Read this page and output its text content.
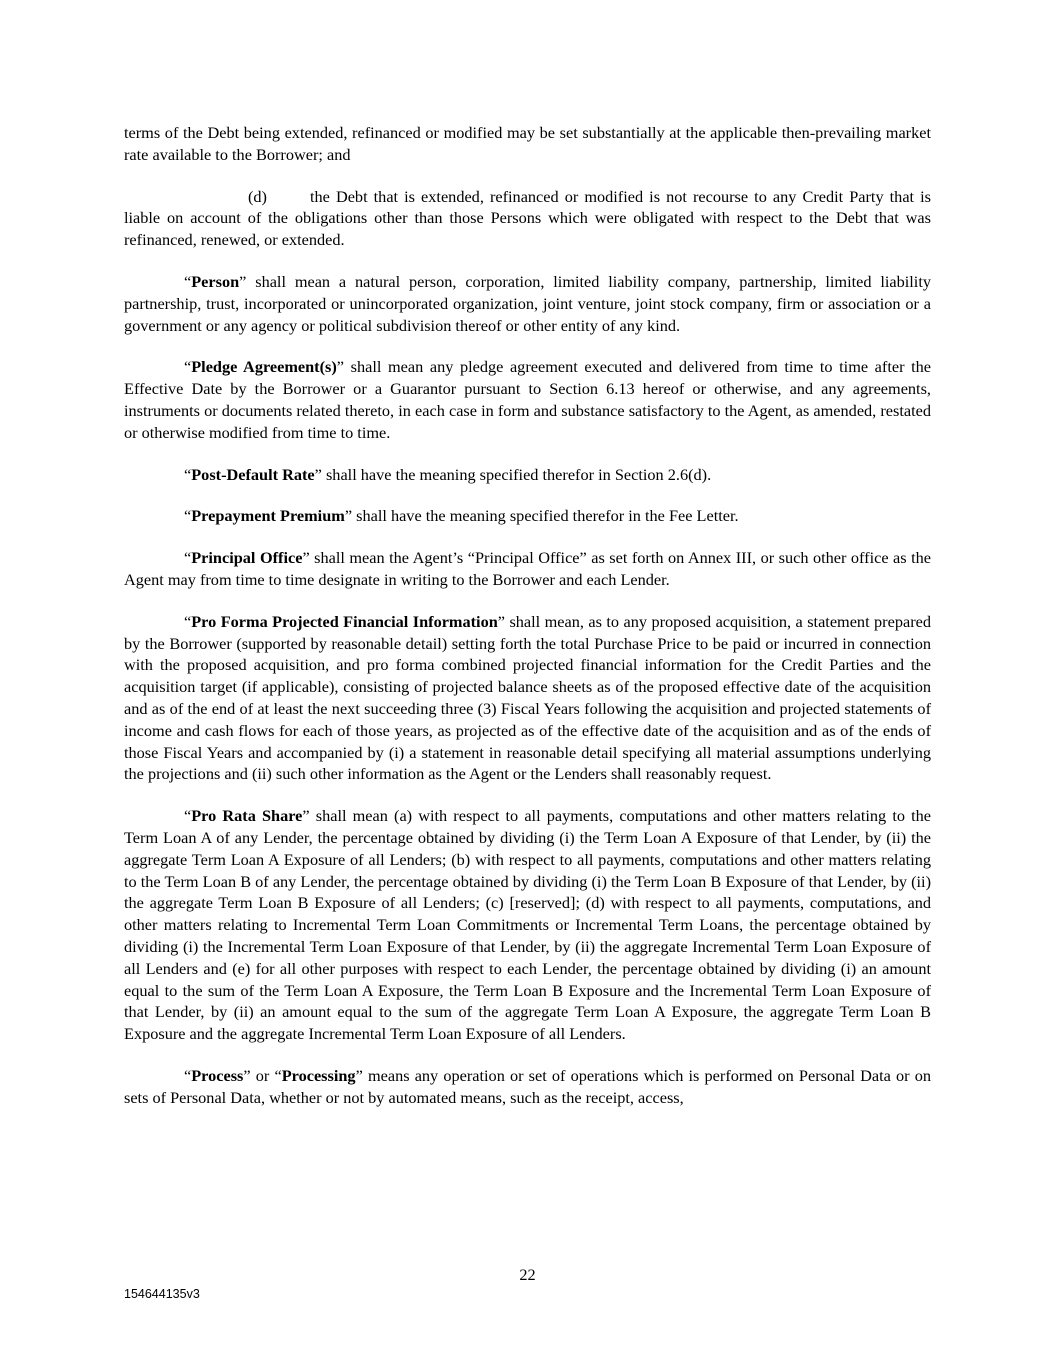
terms of the Debt being extended, refinanced or modified may be set substantially at the applicable then-prevailing market rate available to the Borrower; and

(d)	the Debt that is extended, refinanced or modified is not recourse to any Credit Party that is liable on account of the obligations other than those Persons which were obligated with respect to the Debt that was refinanced, renewed, or extended.

“Person” shall mean a natural person, corporation, limited liability company, partnership, limited liability partnership, trust, incorporated or unincorporated organization, joint venture, joint stock company, firm or association or a government or any agency or political subdivision thereof or other entity of any kind.

“Pledge Agreement(s)” shall mean any pledge agreement executed and delivered from time to time after the Effective Date by the Borrower or a Guarantor pursuant to Section 6.13 hereof or otherwise, and any agreements, instruments or documents related thereto, in each case in form and substance satisfactory to the Agent, as amended, restated or otherwise modified from time to time.

“Post-Default Rate” shall have the meaning specified therefor in Section 2.6(d).

“Prepayment Premium” shall have the meaning specified therefor in the Fee Letter.

“Principal Office” shall mean the Agent’s “Principal Office” as set forth on Annex III, or such other office as the Agent may from time to time designate in writing to the Borrower and each Lender.

“Pro Forma Projected Financial Information” shall mean, as to any proposed acquisition, a statement prepared by the Borrower (supported by reasonable detail) setting forth the total Purchase Price to be paid or incurred in connection with the proposed acquisition, and pro forma combined projected financial information for the Credit Parties and the acquisition target (if applicable), consisting of projected balance sheets as of the proposed effective date of the acquisition and as of the end of at least the next succeeding three (3) Fiscal Years following the acquisition and projected statements of income and cash flows for each of those years, as projected as of the effective date of the acquisition and as of the ends of those Fiscal Years and accompanied by (i) a statement in reasonable detail specifying all material assumptions underlying the projections and (ii) such other information as the Agent or the Lenders shall reasonably request.

“Pro Rata Share” shall mean (a) with respect to all payments, computations and other matters relating to the Term Loan A of any Lender, the percentage obtained by dividing (i) the Term Loan A Exposure of that Lender, by (ii) the aggregate Term Loan A Exposure of all Lenders; (b) with respect to all payments, computations and other matters relating to the Term Loan B of any Lender, the percentage obtained by dividing (i) the Term Loan B Exposure of that Lender, by (ii) the aggregate Term Loan B Exposure of all Lenders; (c) [reserved]; (d) with respect to all payments, computations, and other matters relating to Incremental Term Loan Commitments or Incremental Term Loans, the percentage obtained by dividing (i) the Incremental Term Loan Exposure of that Lender, by (ii) the aggregate Incremental Term Loan Exposure of all Lenders and (e) for all other purposes with respect to each Lender, the percentage obtained by dividing (i) an amount equal to the sum of the Term Loan A Exposure, the Term Loan B Exposure and the Incremental Term Loan Exposure of that Lender, by (ii) an amount equal to the sum of the aggregate Term Loan A Exposure, the aggregate Term Loan B Exposure and the aggregate Incremental Term Loan Exposure of all Lenders.

“Process” or “Processing” means any operation or set of operations which is performed on Personal Data or on sets of Personal Data, whether or not by automated means, such as the receipt, access,

22
154644135v3
